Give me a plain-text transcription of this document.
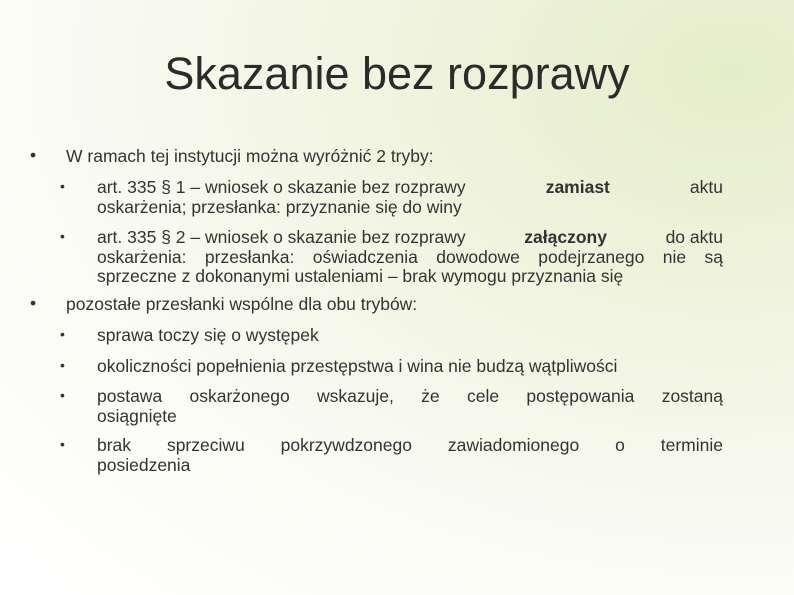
Skazanie bez rozprawy
• W ramach tej instytucji można wyróżnić 2 tryby:
• art. 335 § 1 – wniosek o skazanie bez rozprawy	zamiast	aktu
oskarżenia; przesłanka: przyznanie się do winy
• art. 335 § 2 – wniosek o skazanie bez rozprawy	załączony	do aktu
oskarżenia: przesłanka: oświadczenia dowodowe podejrzanego nie są
sprzeczne z dokonanymi ustaleniami – brak wymogu przyznania się
• pozostałe przesłanki wspólne dla obu trybów:
• sprawa toczy się o występek
• okoliczności popełnienia przestępstwa i wina nie budzą wątpliwości
• postawa oskarżonego wskazuje, że cele postępowania zostaną
osiągnięte
• brak sprzeciwu pokrzywdzonego zawiadomionego o terminie
posiedzenia
